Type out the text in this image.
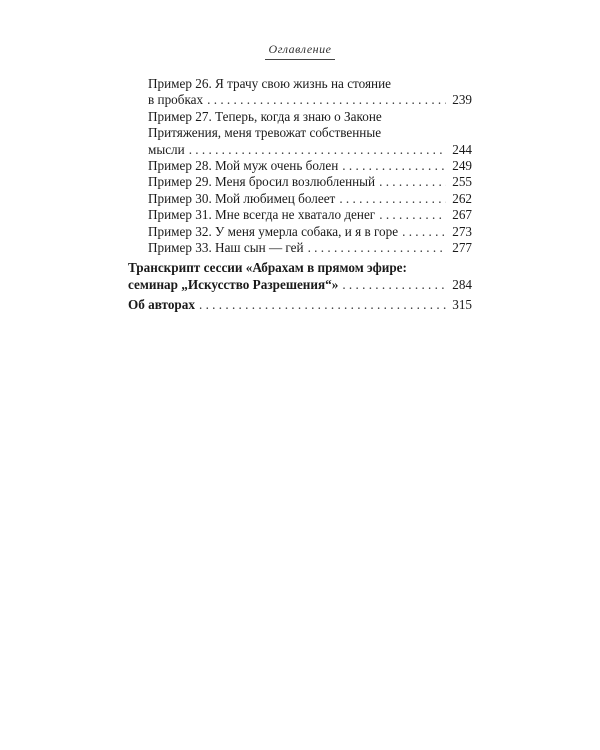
Оглавление
Пример 26. Я трачу свою жизнь на стояние
в пробках . . .	239
Пример 27. Теперь, когда я знаю о Законе
Притяжения, меня тревожат собственные
мысли . . .	244
Пример 28. Мой муж очень болен . . .	249
Пример 29. Меня бросил возлюбленный . . .	255
Пример 30. Мой любимец болеет . . .	262
Пример 31. Мне всегда не хватало денег . . .	267
Пример 32. У меня умерла собака, и я в горе . . .	273
Пример 33. Наш сын — гей . . .	277
Транскрипт сессии «Абрахам в прямом эфире:
семинар „Искусство Разрешения“» . . .	284
Об авторах . . .	315
